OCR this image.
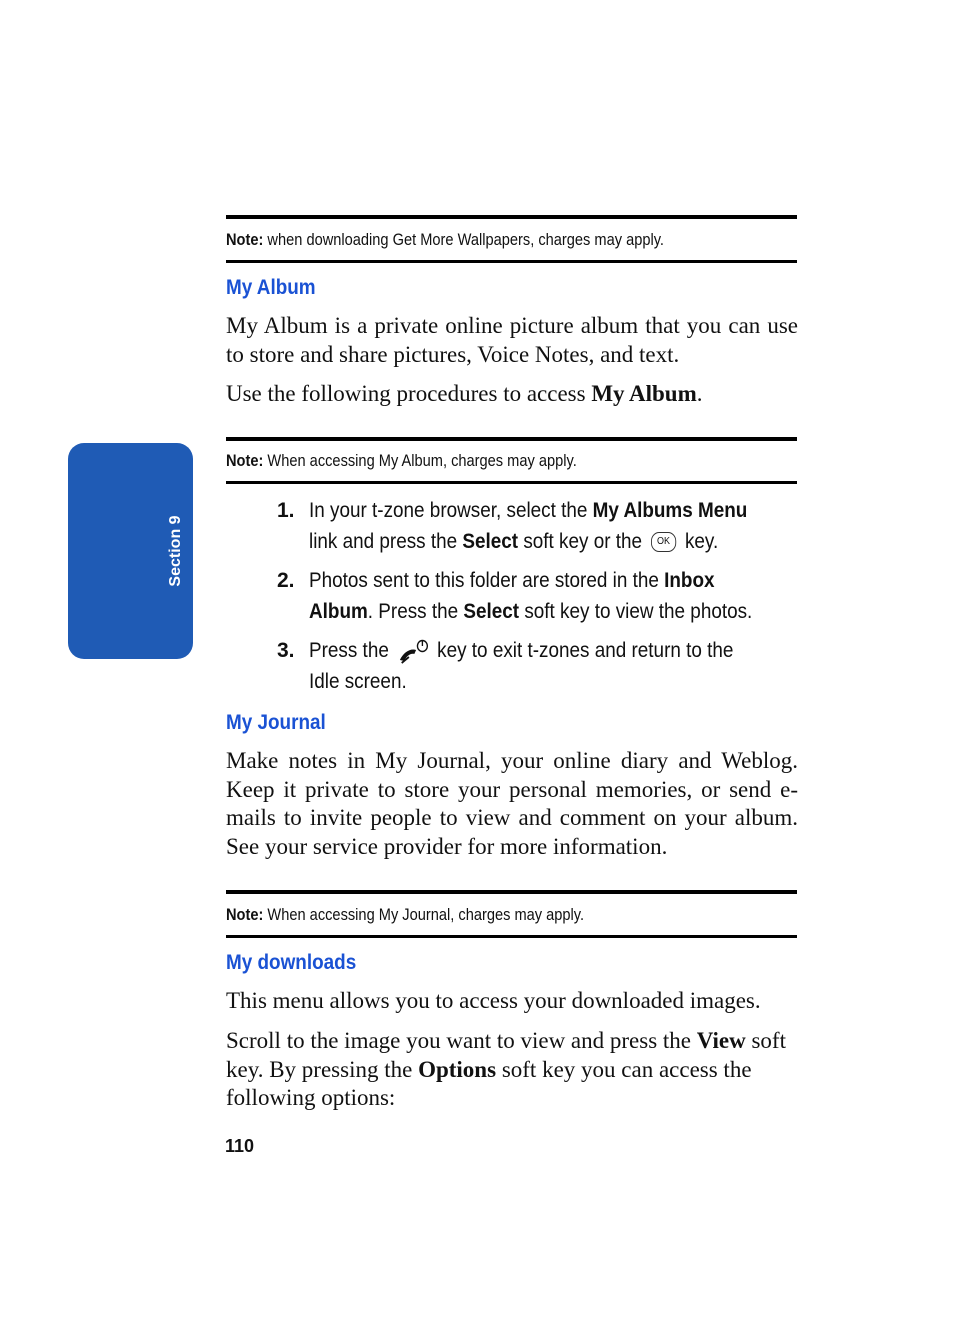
Section 9
Note: when downloading Get More Wallpapers, charges may apply.
My Album
My Album is a private online picture album that you can use to store and share pictures, Voice Notes, and text.
Use the following procedures to access My Album.
Note: When accessing My Album, charges may apply.
1. In your t-zone browser, select the My Albums Menu link and press the Select soft key or the OK key.
2. Photos sent to this folder are stored in the Inbox Album. Press the Select soft key to view the photos.
3. Press the  key to exit t-zones and return to the Idle screen.
My Journal
Make notes in My Journal, your online diary and Weblog. Keep it private to store your personal memories, or send e-mails to invite people to view and comment on your album. See your service provider for more information.
Note: When accessing My Journal, charges may apply.
My downloads
This menu allows you to access your downloaded images.
Scroll to the image you want to view and press the View soft key. By pressing the Options soft key you can access the following options:
110
